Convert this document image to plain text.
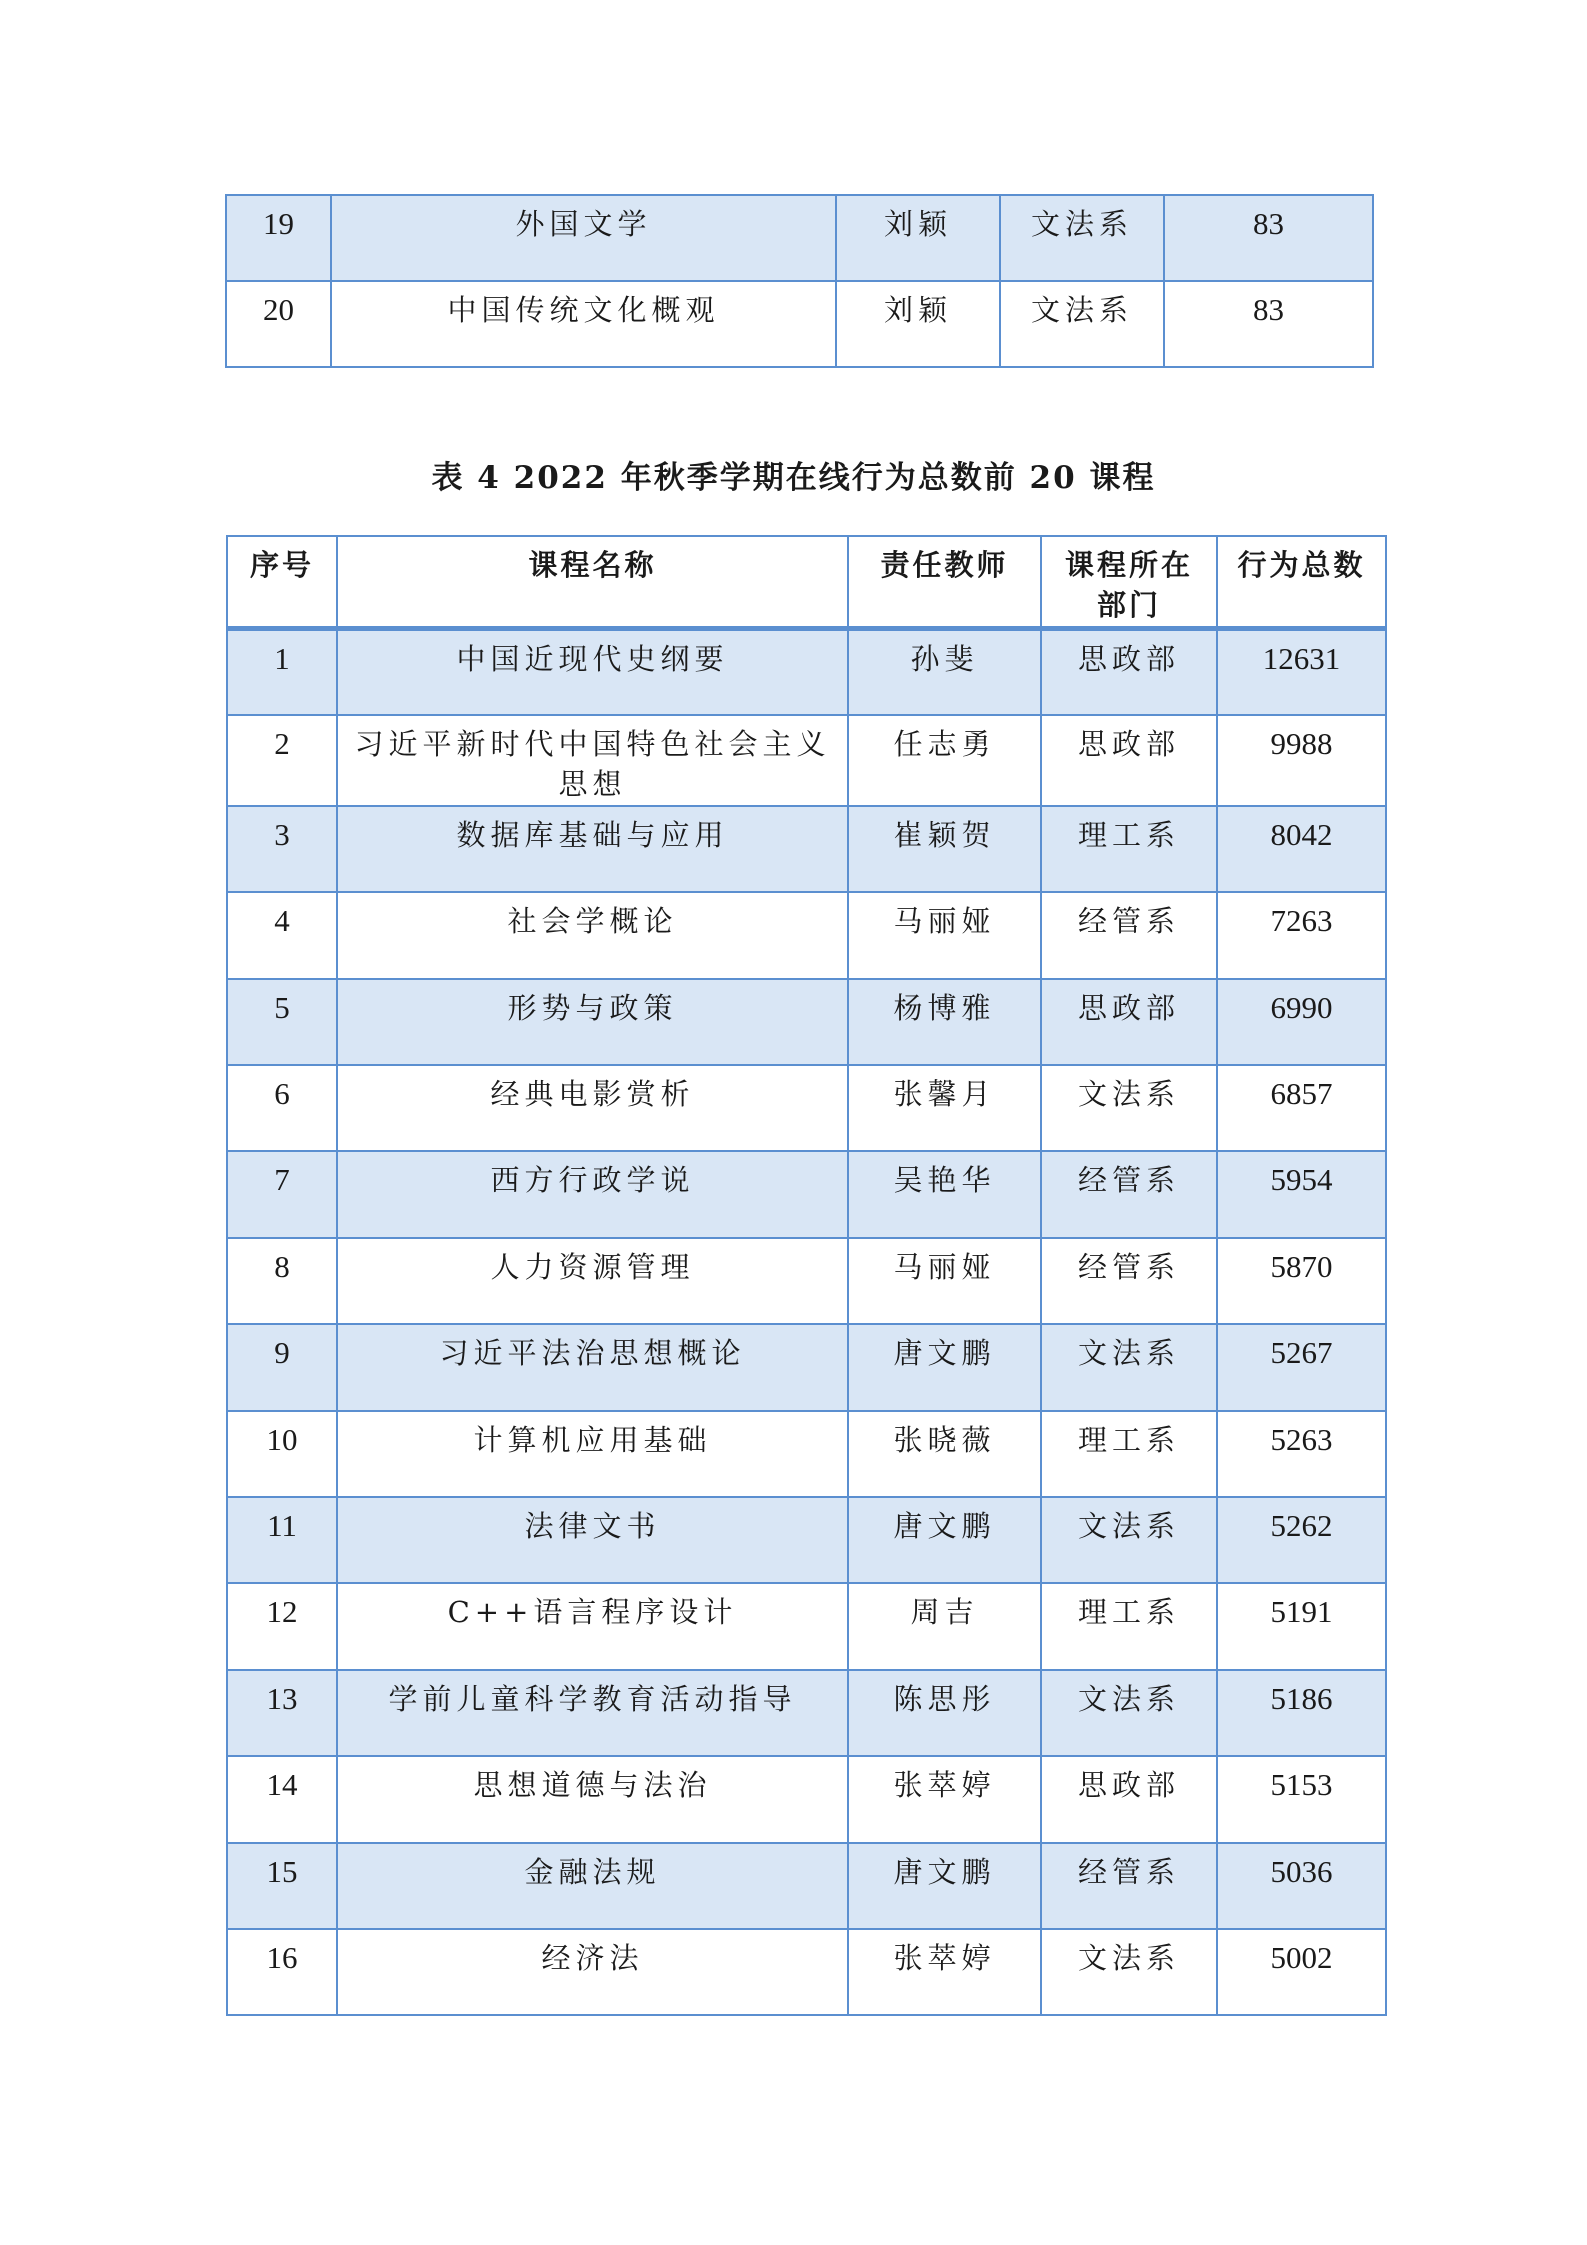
19	外国文学	刘颖	文法系	83
20	中国传统文化概观	刘颖	文法系	83
表 4 2022 年秋季学期在线行为总数前 20 课程
序号	课程名称	责任教师	课程所在部门	行为总数
1	中国近现代史纲要	孙斐	思政部	12631
2	习近平新时代中国特色社会主义思想	任志勇	思政部	9988
3	数据库基础与应用	崔颖贺	理工系	8042
4	社会学概论	马丽娅	经管系	7263
5	形势与政策	杨博雅	思政部	6990
6	经典电影赏析	张馨月	文法系	6857
7	西方行政学说	吴艳华	经管系	5954
8	人力资源管理	马丽娅	经管系	5870
9	习近平法治思想概论	唐文鹏	文法系	5267
10	计算机应用基础	张晓薇	理工系	5263
11	法律文书	唐文鹏	文法系	5262
12	C++语言程序设计	周吉	理工系	5191
13	学前儿童科学教育活动指导	陈思彤	文法系	5186
14	思想道德与法治	张萃婷	思政部	5153
15	金融法规	唐文鹏	经管系	5036
16	经济法	张萃婷	文法系	5002
